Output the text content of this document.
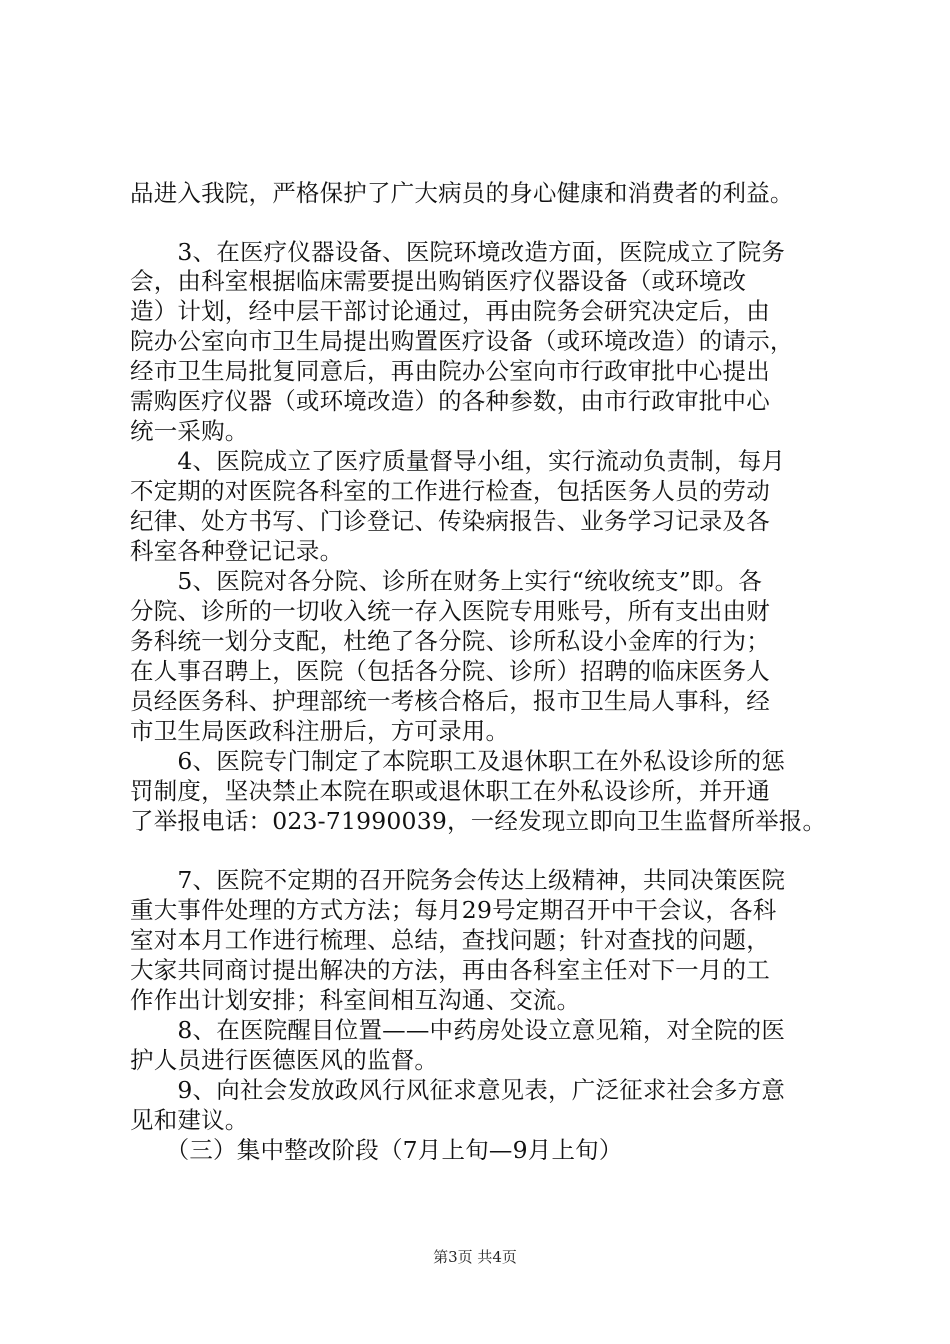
品进入我院，严格保护了广大病员的身心健康和消费者的利益。
　　3、在医疗仪器设备、医院环境改造方面，医院成立了院务
会，由科室根据临床需要提出购销医疗仪器设备（或环境改
造）计划，经中层干部讨论通过，再由院务会研究决定后，由
院办公室向市卫生局提出购置医疗设备（或环境改造）的请示，
经市卫生局批复同意后，再由院办公室向市行政审批中心提出
需购医疗仪器（或环境改造）的各种参数，由市行政审批中心
统一采购。
　　4、医院成立了医疗质量督导小组，实行流动负责制，每月
不定期的对医院各科室的工作进行检查，包括医务人员的劳动
纪律、处方书写、门诊登记、传染病报告、业务学习记录及各
科室各种登记记录。
　　5、医院对各分院、诊所在财务上实行“统收统支”即。各
分院、诊所的一切收入统一存入医院专用账号，所有支出由财
务科统一划分支配，杜绝了各分院、诊所私设小金库的行为；
在人事召聘上，医院（包括各分院、诊所）招聘的临床医务人
员经医务科、护理部统一考核合格后，报市卫生局人事科，经
市卫生局医政科注册后，方可录用。
　　6、医院专门制定了本院职工及退休职工在外私设诊所的惩
罚制度，坚决禁止本院在职或退休职工在外私设诊所，并开通
了举报电话：023-71990039，一经发现立即向卫生监督所举报。
　　7、医院不定期的召开院务会传达上级精神，共同决策医院
重大事件处理的方式方法；每月29号定期召开中干会议，各科
室对本月工作进行梳理、总结，查找问题；针对查找的问题，
大家共同商讨提出解决的方法，再由各科室主任对下一月的工
作作出计划安排；科室间相互沟通、交流。
　　8、在医院醒目位置——中药房处设立意见箱，对全院的医
护人员进行医德医风的监督。
　　9、向社会发放政风行风征求意见表，广泛征求社会多方意
见和建议。
　　（三）集中整改阶段（7月上旬—9月上旬）
第3页 共4页
